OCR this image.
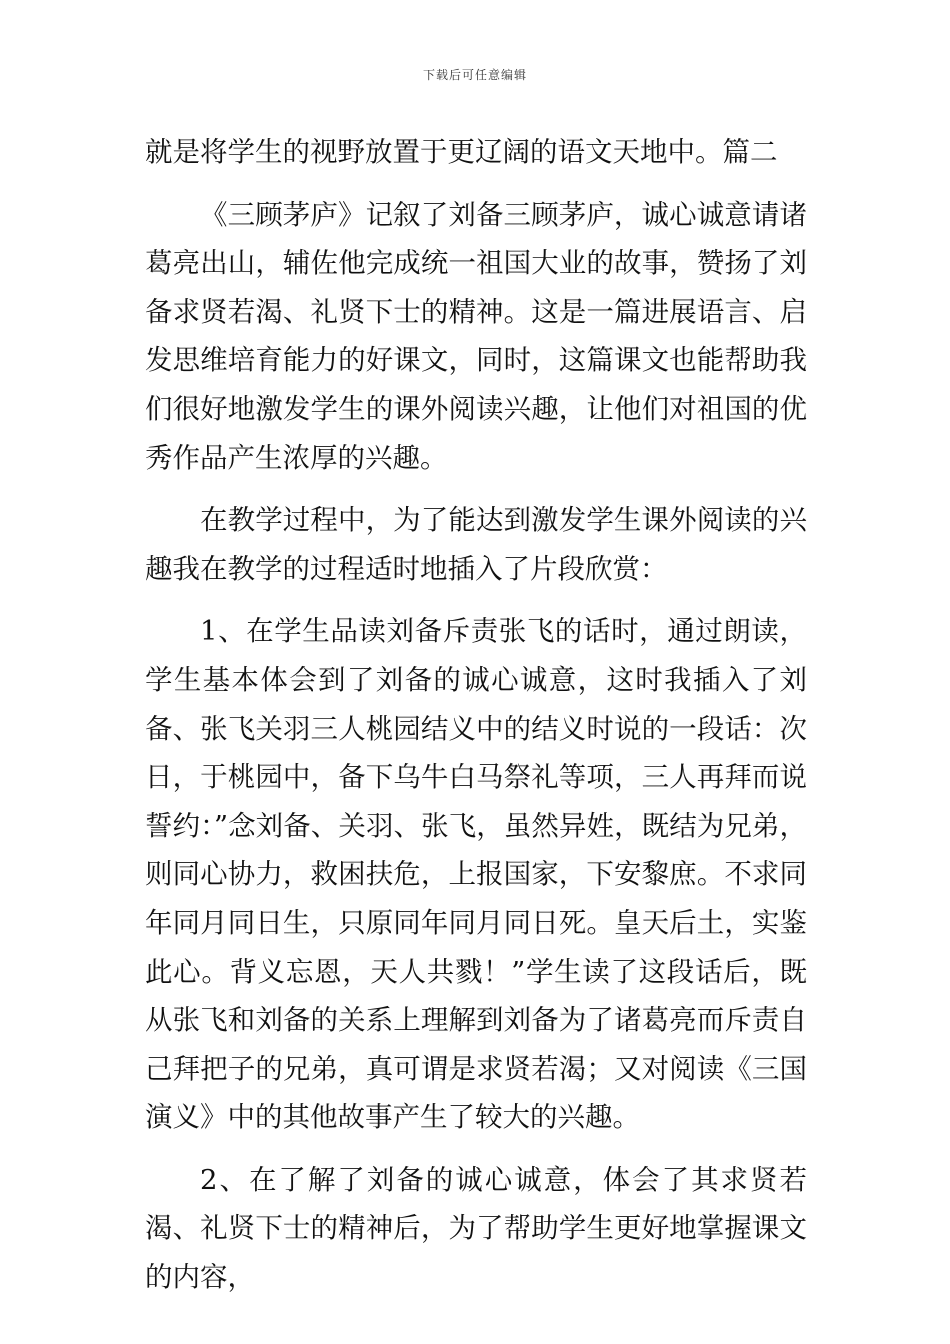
下载后可任意编辑

就是将学生的视野放置于更辽阔的语文天地中。篇二

《三顾茅庐》记叙了刘备三顾茅庐，诚心诚意请诸葛亮出山，辅佐他完成统一祖国大业的故事，赞扬了刘备求贤若渴、礼贤下士的精神。这是一篇进展语言、启发思维培育能力的好课文，同时，这篇课文也能帮助我们很好地激发学生的课外阅读兴趣，让他们对祖国的优秀作品产生浓厚的兴趣。

在教学过程中，为了能达到激发学生课外阅读的兴趣我在教学的过程适时地插入了片段欣赏：

1、在学生品读刘备斥责张飞的话时，通过朗读，学生基本体会到了刘备的诚心诚意，这时我插入了刘备、张飞关羽三人桃园结义中的结义时说的一段话：次日，于桃园中，备下乌牛白马祭礼等项，三人再拜而说誓约：”念刘备、关羽、张飞，虽然异姓，既结为兄弟，则同心协力，救困扶危，上报国家，下安黎庶。不求同年同月同日生，只原同年同月同日死。皇天后土，实鉴此心。背义忘恩，天人共戮！”学生读了这段话后，既从张飞和刘备的关系上理解到刘备为了诸葛亮而斥责自己拜把子的兄弟，真可谓是求贤若渴；又对阅读《三国演义》中的其他故事产生了较大的兴趣。

2、在了解了刘备的诚心诚意，体会了其求贤若渴、礼贤下士的精神后，为了帮助学生更好地掌握课文的内容，
